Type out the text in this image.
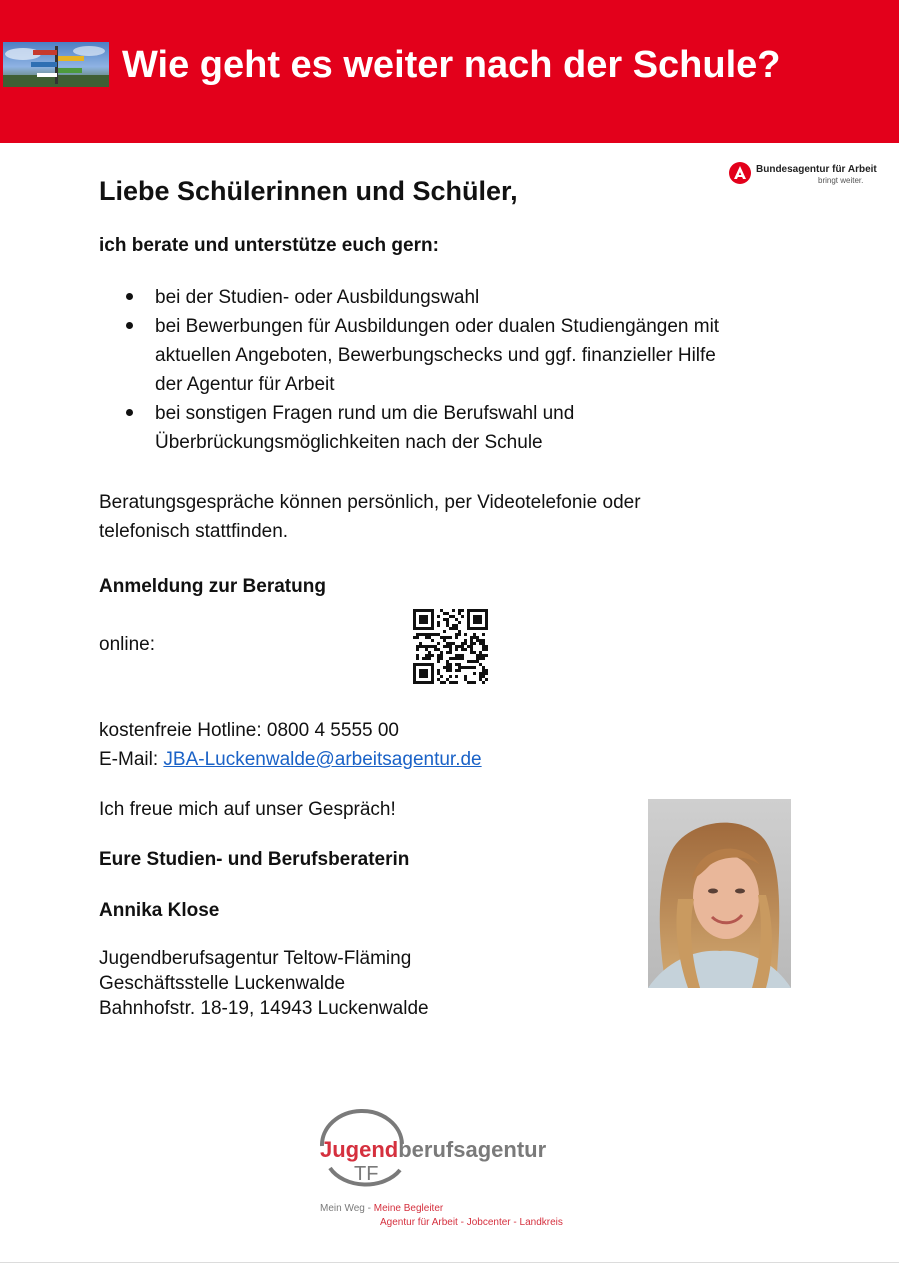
Wie geht es weiter nach der Schule?
Bundesagentur für Arbeit
bringt weiter.
Liebe Schülerinnen und Schüler,
ich berate und unterstütze euch gern:
bei der Studien- oder Ausbildungswahl
bei Bewerbungen für Ausbildungen oder dualen Studiengängen mit
aktuellen Angeboten, Bewerbungschecks und ggf. finanzieller Hilfe
der Agentur für Arbeit
bei sonstigen Fragen rund um die Berufswahl und
Überbrückungsmöglichkeiten nach der Schule
Beratungsgespräche können persönlich, per Videotelefonie oder
telefonisch stattfinden.
Anmeldung zur Beratung
online:
kostenfreie Hotline: 0800 4 5555 00
E-Mail: JBA-Luckenwalde@arbeitsagentur.de
Ich freue mich auf unser Gespräch!
Eure Studien- und Berufsberaterin
Annika Klose
Jugendberufsagentur Teltow-Fläming
Geschäftsstelle Luckenwalde
Bahnhofstr. 18-19, 14943 Luckenwalde
Jugendberufsagentur
TF
Mein Weg - Meine Begleiter
Agentur für Arbeit - Jobcenter - Landkreis
